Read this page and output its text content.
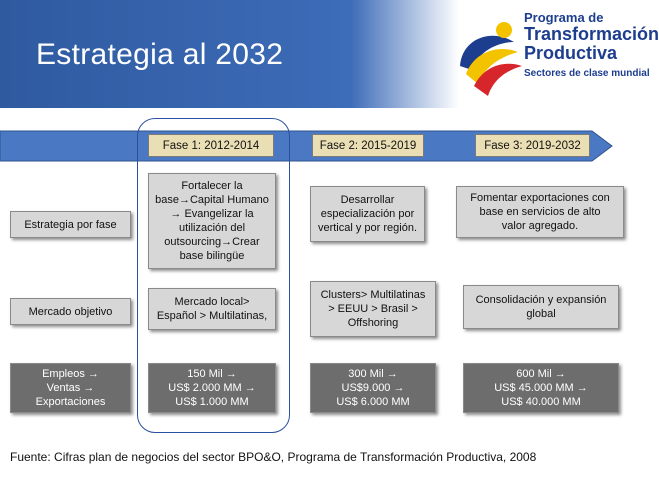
Estrategia al 2032
Programa de
Transformación
Productiva
Sectores de clase mundial
Fase 1: 2012-2014	Fase 2: 2015-2019	Fase 3: 2019-2032
Estrategia por fase
Fortalecer la
base→Capital Humano
→ Evangelizar la
utilización del
outsourcing→Crear
base bilingüe
Desarrollar
especialización por
vertical y por región.
Fomentar exportaciones con
base en servicios de alto
valor agregado.
Mercado objetivo
Mercado local>
Español > Multilatinas,
Clusters> Multilatinas
> EEUU > Brasil >
Offshoring
Consolidación y expansión
global
Empleos →
Ventas →
Exportaciones
150 Mil →
US$ 2.000 MM →
US$ 1.000 MM
300 Mil →
US$9.000 →
US$ 6.000 MM
600 Mil →
US$ 45.000 MM →
US$ 40.000 MM
Fuente: Cifras plan de negocios del sector BPO&O, Programa de Transformación Productiva, 2008
